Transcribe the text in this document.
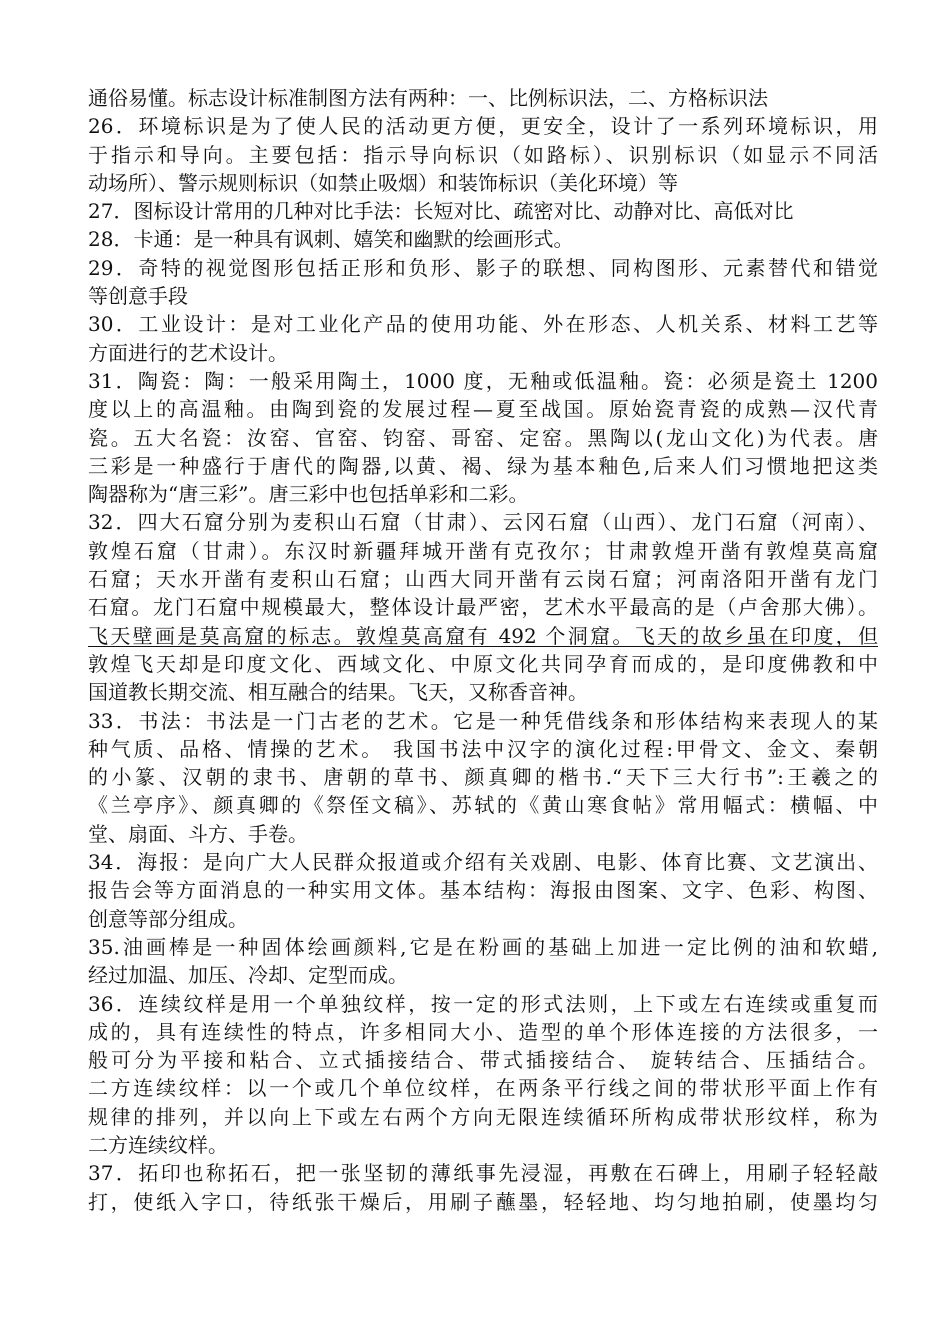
通俗易懂。标志设计标准制图方法有两种：一、比例标识法，二、方格标识法
26．环境标识是为了使人民的活动更方便，更安全，设计了一系列环境标识，用
于指示和导向。主要包括：指示导向标识（如路标）、识别标识（如显示不同活
动场所）、警示规则标识（如禁止吸烟）和装饰标识（美化环境）等
27．图标设计常用的几种对比手法：长短对比、疏密对比、动静对比、高低对比
28．卡通：是一种具有讽刺、嬉笑和幽默的绘画形式。
29．奇特的视觉图形包括正形和负形、影子的联想、同构图形、元素替代和错觉
等创意手段
30．工业设计：是对工业化产品的使用功能、外在形态、人机关系、材料工艺等
方面进行的艺术设计。
31．陶瓷：陶：一般采用陶土，1000 度，无釉或低温釉。瓷：必须是瓷土 1200
度以上的高温釉。由陶到瓷的发展过程—夏至战国。原始瓷青瓷的成熟—汉代青
瓷。五大名瓷：汝窑、官窑、钧窑、哥窑、定窑。黑陶以(龙山文化)为代表。唐
三彩是一种盛行于唐代的陶器,以黄、褐、绿为基本釉色,后来人们习惯地把这类
陶器称为“唐三彩”。唐三彩中也包括单彩和二彩。
32．四大石窟分别为麦积山石窟（甘肃）、云冈石窟（山西）、龙门石窟（河南）、
敦煌石窟（甘肃）。东汉时新疆拜城开凿有克孜尔；甘肃敦煌开凿有敦煌莫高窟
石窟；天水开凿有麦积山石窟；山西大同开凿有云岗石窟；河南洛阳开凿有龙门
石窟。龙门石窟中规模最大，整体设计最严密，艺术水平最高的是（卢舍那大佛）。
飞天壁画是莫高窟的标志。敦煌莫高窟有 492 个洞窟。飞天的故乡虽在印度，但
敦煌飞天却是印度文化、西域文化、中原文化共同孕育而成的，是印度佛教和中
国道教长期交流、相互融合的结果。飞天，又称香音神。
33．书法：书法是一门古老的艺术。它是一种凭借线条和形体结构来表现人的某
种气质、品格、情操的艺术。 我国书法中汉字的演化过程:甲骨文、金文、秦朝
的小篆、汉朝的隶书、唐朝的草书、颜真卿的楷书.“天下三大行书”:王羲之的
《兰亭序》、颜真卿的《祭侄文稿》、苏轼的《黄山寒食帖》常用幅式：横幅、中
堂、扇面、斗方、手卷。
34．海报：是向广大人民群众报道或介绍有关戏剧、电影、体育比赛、文艺演出、
报告会等方面消息的一种实用文体。基本结构：海报由图案、文字、色彩、构图、
创意等部分组成。
35.油画棒是一种固体绘画颜料,它是在粉画的基础上加进一定比例的油和软蜡,
经过加温、加压、冷却、定型而成。
36．连续纹样是用一个单独纹样，按一定的形式法则，上下或左右连续或重复而
成的，具有连续性的特点，许多相同大小、造型的单个形体连接的方法很多，一
般可分为平接和粘合、立式插接结合、带式插接结合、 旋转结合、压插结合。
二方连续纹样：以一个或几个单位纹样，在两条平行线之间的带状形平面上作有
规律的排列，并以向上下或左右两个方向无限连续循环所构成带状形纹样，称为
二方连续纹样。
37．拓印也称拓石，把一张坚韧的薄纸事先浸湿，再敷在石碑上，用刷子轻轻敲
打，使纸入字口，待纸张干燥后，用刷子蘸墨，轻轻地、均匀地拍刷，使墨均匀
